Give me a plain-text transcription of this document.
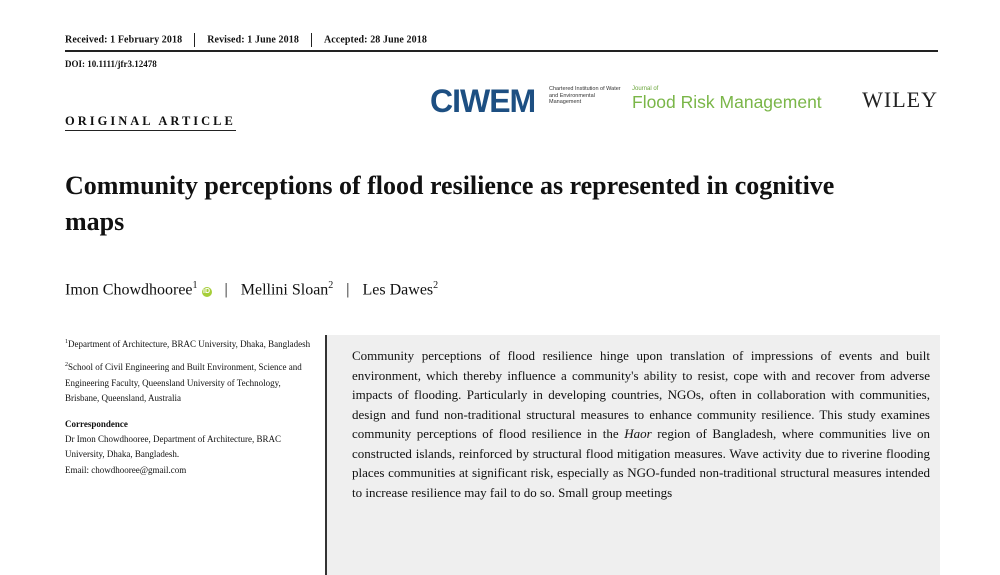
Received: 1 February 2018	Revised: 1 June 2018	Accepted: 28 June 2018
DOI: 10.1111/jfr3.12478
CIWEM	Chartered Institution of Water and Environmental Management
Journal of
Flood Risk Management WILEY
ORIGINAL ARTICLE
Community perceptions of flood resilience as represented in cognitive maps
Imon Chowdhooree$^1$iD | Mellini Sloan$^2$ | Les Dawes$^2$

$^1$Department of Architecture, BRAC University, Dhaka, Bangladesh

$^2$School of Civil Engineering and Built Environment, Science and Engineering Faculty, Queensland University of Technology, Brisbane, Queensland, Australia

Correspondence

Dr Imon Chowdhooree, Department of Architecture, BRAC University, Dhaka, Bangladesh.
Email: chowdhooree@gmail.com

Community perceptions of flood resilience hinge upon translation of impressions of events and built environment, which thereby influence a community's ability to resist, cope with and recover from adverse impacts of flooding. Particularly in developing countries, NGOs, often in collaboration with communities, design and fund non-traditional structural measures to enhance community resilience. This study examines community perceptions of flood resilience in the Haor region of Bangladesh, where communities live on constructed islands, reinforced by structural flood mitigation measures. Wave activity due to riverine flooding places communities at significant risk, especially as NGO-funded non-traditional structural measures intended to increase resilience may fail to do so. Small group meetings
